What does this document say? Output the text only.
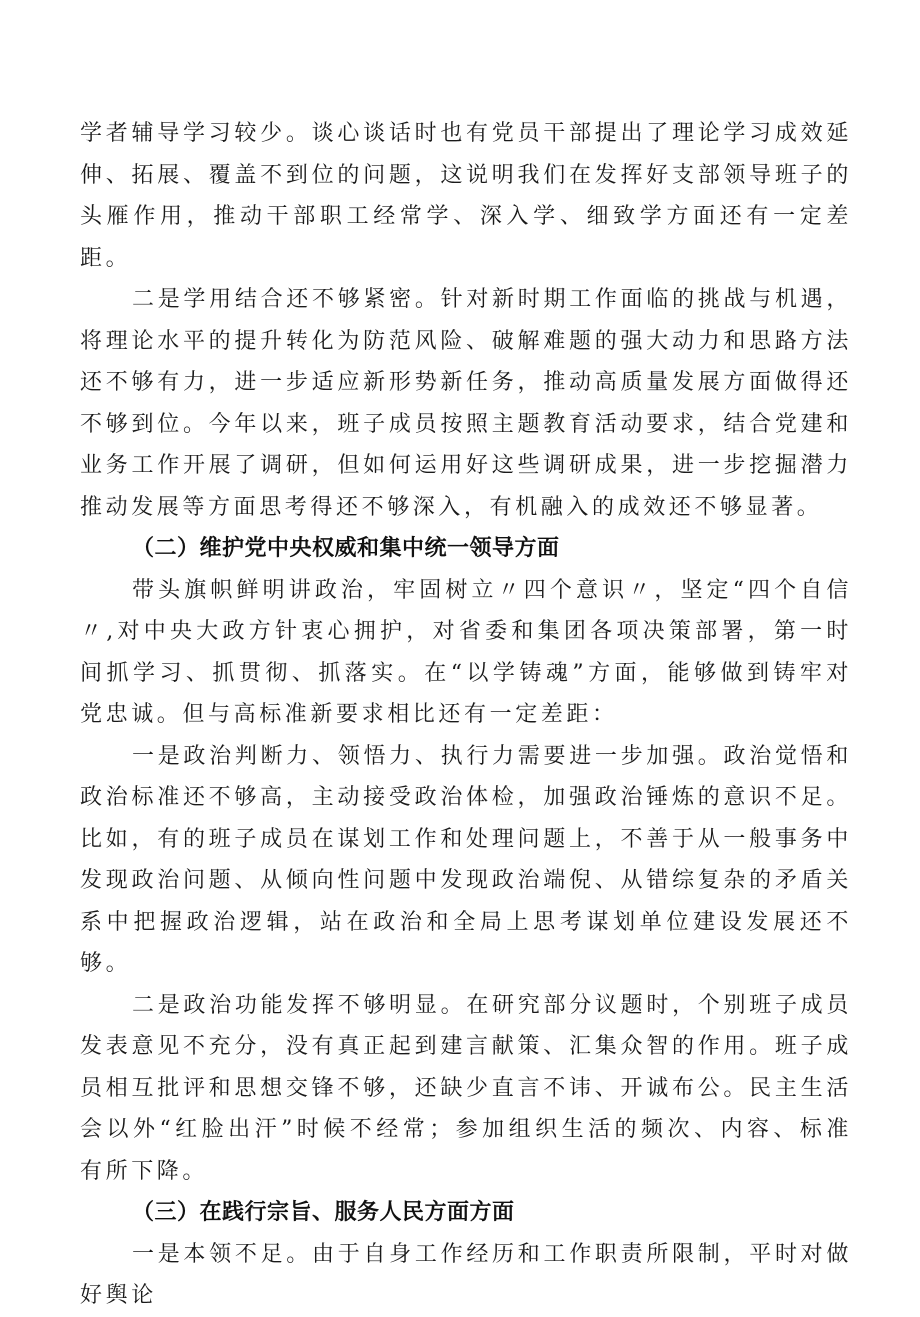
学者辅导学习较少。谈心谈话时也有党员干部提出了理论学习成效延伸、拓展、覆盖不到位的问题，这说明我们在发挥好支部领导班子的头雁作用，推动干部职工经常学、深入学、细致学方面还有一定差距。

二是学用结合还不够紧密。针对新时期工作面临的挑战与机遇，将理论水平的提升转化为防范风险、破解难题的强大动力和思路方法还不够有力，进一步适应新形势新任务，推动高质量发展方面做得还不够到位。今年以来，班子成员按照主题教育活动要求，结合党建和业务工作开展了调研，但如何运用好这些调研成果，进一步挖掘潜力推动发展等方面思考得还不够深入，有机融入的成效还不够显著。

（二）维护党中央权威和集中统一领导方面

带头旗帜鲜明讲政治，牢固树立〃四个意识〃，坚定“四个自信〃,对中央大政方针衷心拥护，对省委和集团各项决策部署，第一时间抓学习、抓贯彻、抓落实。在“以学铸魂”方面，能够做到铸牢对党忠诚。但与高标准新要求相比还有一定差距：

一是政治判断力、领悟力、执行力需要进一步加强。政治觉悟和政治标准还不够高，主动接受政治体检，加强政治锤炼的意识不足。比如，有的班子成员在谋划工作和处理问题上，不善于从一般事务中发现政治问题、从倾向性问题中发现政治端倪、从错综复杂的矛盾关系中把握政治逻辑，站在政治和全局上思考谋划单位建设发展还不够。

二是政治功能发挥不够明显。在研究部分议题时，个别班子成员发表意见不充分，没有真正起到建言献策、汇集众智的作用。班子成员相互批评和思想交锋不够，还缺少直言不讳、开诚布公。民主生活会以外“红脸出汗”时候不经常；参加组织生活的频次、内容、标准有所下降。

（三）在践行宗旨、服务人民方面方面

一是本领不足。由于自身工作经历和工作职责所限制，平时对做好舆论
